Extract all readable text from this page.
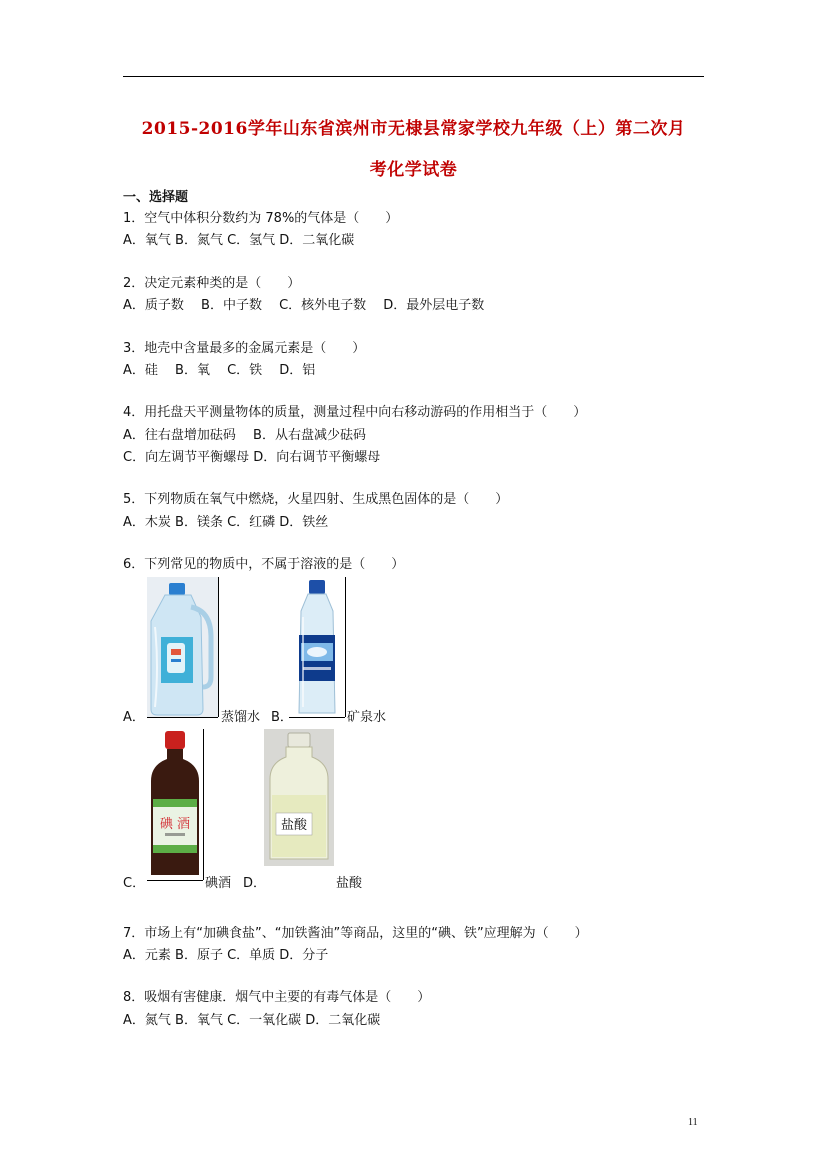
2015-2016学年山东省滨州市无棣县常家学校九年级（上）第二次月
考化学试卷
一、选择题
1．空气中体积分数约为 78%的气体是（　　）
A．氧气 B．氮气 C．氢气 D．二氧化碳
2．决定元素种类的是（　　）
A．质子数　 B．中子数　 C．核外电子数　 D．最外层电子数
3．地壳中含量最多的金属元素是（　　）
A．硅　 B．氧　 C．铁　 D．铝
4．用托盘天平测量物体的质量，测量过程中向右移动游码的作用相当于（　　）
A．往右盘增加砝码　 B．从右盘减少砝码
C．向左调节平衡螺母 D．向右调节平衡螺母
5．下列物质在氧气中燃烧，火星四射、生成黑色固体的是（　　）
A．木炭 B．镁条 C．红磷 D．铁丝
6．下列常见的物质中，不属于溶液的是（　　）
A．	蒸馏水 B．	矿泉水
碘 酒
C．	碘酒
盐酸
D．	盐酸
7．市场上有“加碘食盐”、“加铁酱油”等商品，这里的“碘、铁”应理解为（　　）
A．元素 B．原子 C．单质 D．分子
8．吸烟有害健康．烟气中主要的有毒气体是（　　）
A．氮气 B．氧气 C．一氧化碳 D．二氧化碳
11
